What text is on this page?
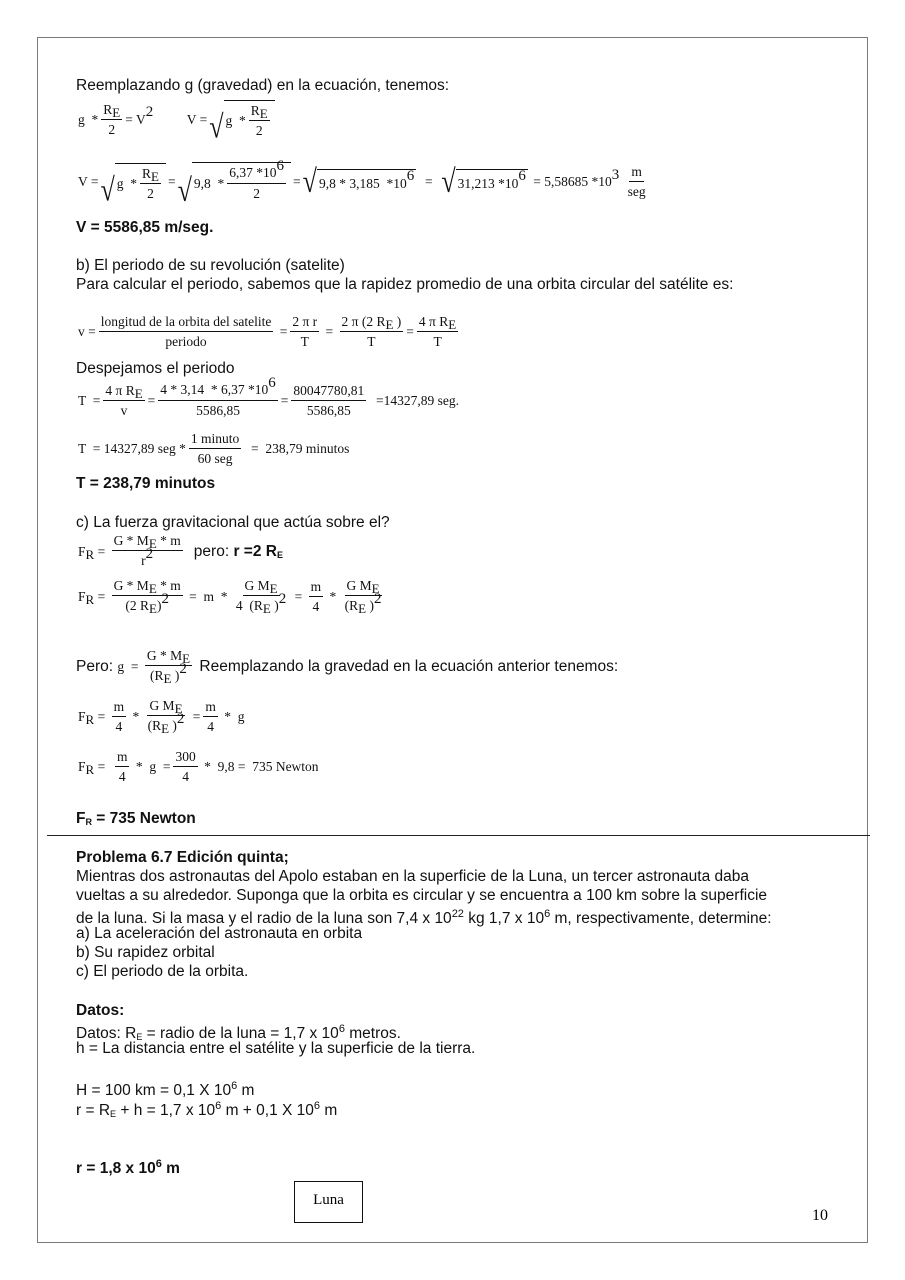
Reemplazando g (gravedad) en la ecuación, tenemos:
$g * \frac{\text{R E}}{2} = V$ 2 V = √ g  * $\frac{\text{R E}}{2}$
V = √ g  * $\frac{\text{R E}}{2}$ = √ $9,8 * \frac{6,37 *10 6}{2}$ = √ 9,8 * 3,185  *10 6 = √ 31,213 *10 6 = 5,58685 *10 3
$\frac{m}{\text{seg}}$
V = 5586,85 m/seg.
b) El periodo de su revolución (satelite)
Para calcular el periodo, sabemos que la rapidez promedio de una orbita circular del satélite es:
$v = \frac{\text{longitud de la orbita del satelite}}{\text{periodo}} = \frac{\text{2 π r}}{T} = \frac{\text{2 π (2 R E )}}{T} = \frac{\text{4 π R E}}{T}$
Despejamos el periodo
$T = \frac{\text{4 π R E}}{v} = \frac{4 * 3,14 * 6,37 *10 6}{5586,85} = \frac{80047780,81}{5586,85} =14327,89$ seg.
T  = 14327,89 seg * $\frac{\text{1 minuto}}{\text{60 seg}} = 238,79$ minutos
T = 238,79 minutos
c) La fuerza gravitacional que actúa sobre el?
F $R = \frac{\text{G * M E * m}}{r 2}$ pero: r =2 $R_E$
F $R = \frac{\text{G * M E * m}}{\text{(2 R E ) 2}} = m * \frac{\text{G M E}}{\text{4  (R E ) 2}} = \frac{m}{4} * \frac{\text{G M E}}{\text{(R E ) 2}}$
Pero: $g = \frac{\text{G * M E}}{\text{(R E ) 2}}$ Reemplazando la gravedad en la ecuación anterior tenemos:
F $R = \frac{m}{4} * \frac{\text{G M E}}{\text{(R E ) 2}} = \frac{m}{4} * g$
F $R = \frac{m}{4} * g = \frac{300}{4} * 9,8 = 735$ Newton
$F_R = 735$ Newton
Problema 6.7 Edición quinta;
Mientras dos astronautas del Apolo estaban en la superficie de la Luna, un tercer astronauta daba
vueltas a su alrededor. Suponga que la orbita es circular y se encuentra a 100 km sobre la superficie
de la luna. Si la masa y el radio de la luna son 7,4 x $10^{22}$ kg 1,7 x $10^6$ m, respectivamente, determine:
a) La aceleración del astronauta en orbita
b) Su rapidez orbital
c) El periodo de la orbita.
Datos:
Datos: $R_E$ = radio de la luna = 1,7 x $10^6$ metros.
h = La distancia entre el satélite y la superficie de la tierra.
H = 100 km = 0,1 X $10^6$ m
$r = R_E + h = 1,7$ x $10^6$ m + 0,1 X $10^6$ m
r = 1,8 x $10^6$ m
Luna
10
